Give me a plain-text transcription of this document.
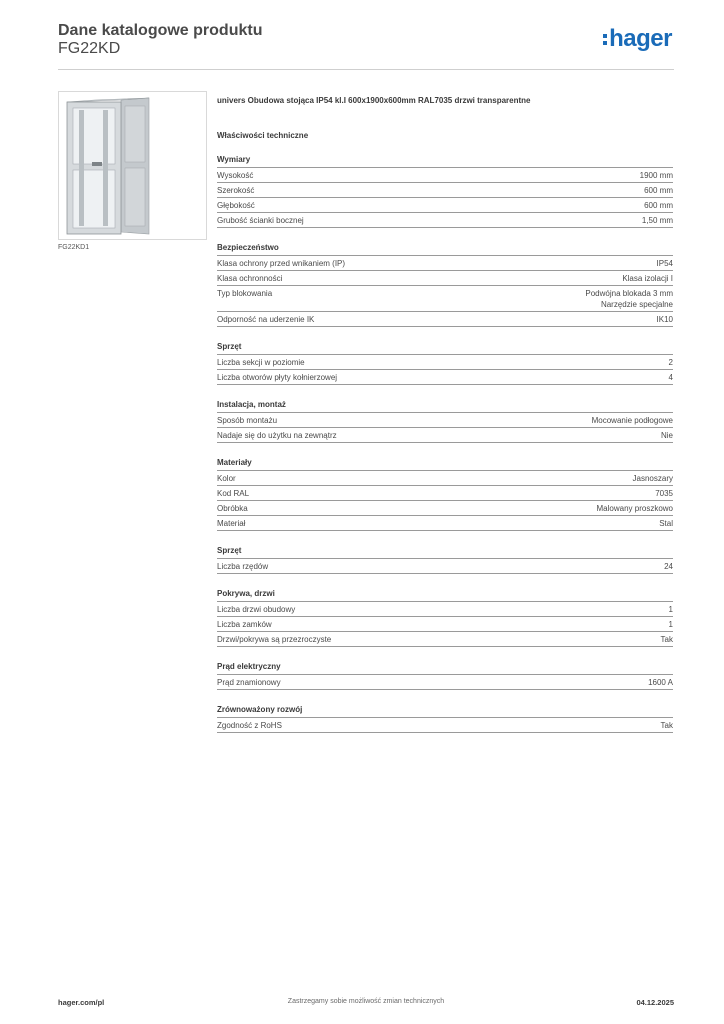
Dane katalogowe produktu
FG22KD	hager
FG22KD1
univers Obudowa stojąca IP54 kl.I 600x1900x600mm RAL7035 drzwi transparentne
Właściwości techniczne
Wymiary
Wysokość	1900 mm
Szerokość	600 mm
Głębokość	600 mm
Grubość ścianki bocznej	1,50 mm
Bezpieczeństwo
Klasa ochrony przed wnikaniem (IP)	IP54
Klasa ochronności	Klasa izolacji I
Typ blokowania	Podwójna blokada 3 mm
Narzędzie specjalne
Odporność na uderzenie IK	IK10
Sprzęt
Liczba sekcji w poziomie	2
Liczba otworów płyty kołnierzowej	4
Instalacja, montaż
Sposób montażu	Mocowanie podłogowe
Nadaje się do użytku na zewnątrz	Nie
Materiały
Kolor	Jasnoszary
Kod RAL	7035
Obróbka	Malowany proszkowo
Materiał	Stal
Sprzęt
Liczba rzędów	24
Pokrywa, drzwi
Liczba drzwi obudowy	1
Liczba zamków	1
Drzwi/pokrywa są przezroczyste	Tak
Prąd elektryczny
Prąd znamionowy	1600 A
Zrównoważony rozwój
Zgodność z RoHS	Tak
Zastrzegamy sobie możliwość zmian technicznych
hager.com/pl	04.12.2025
